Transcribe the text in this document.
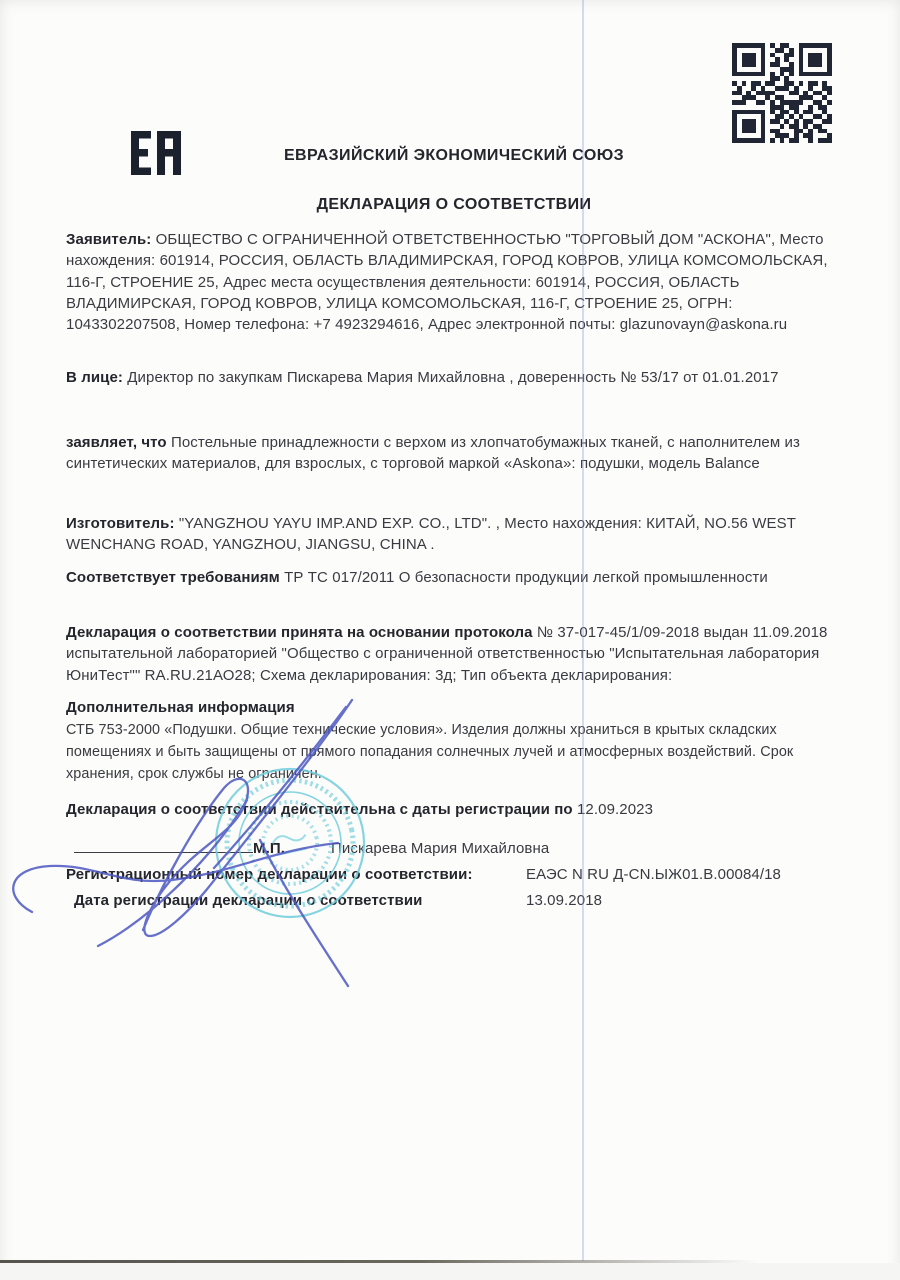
ЕВРАЗИЙСКИЙ ЭКОНОМИЧЕСКИЙ СОЮЗ
ДЕКЛАРАЦИЯ О СООТВЕТСТВИИ
Заявитель: ОБЩЕСТВО С ОГРАНИЧЕННОЙ ОТВЕТСТВЕННОСТЬЮ "ТОРГОВЫЙ ДОМ "АСКОНА", Место нахождения: 601914, РОССИЯ, ОБЛАСТЬ ВЛАДИМИРСКАЯ, ГОРОД КОВРОВ, УЛИЦА КОМСОМОЛЬСКАЯ, 116-Г, СТРОЕНИЕ 25, Адрес места осуществления деятельности: 601914, РОССИЯ, ОБЛАСТЬ ВЛАДИМИРСКАЯ, ГОРОД КОВРОВ, УЛИЦА КОМСОМОЛЬСКАЯ, 116-Г, СТРОЕНИЕ 25, ОГРН: 1043302207508, Номер телефона: +7 4923294616, Адрес электронной почты: glazunovayn@askona.ru
В лице: Директор по закупкам Пискарева Мария Михайловна , доверенность № 53/17 от 01.01.2017
заявляет, что Постельные принадлежности с верхом из хлопчатобумажных тканей, с наполнителем из синтетических материалов, для взрослых, с торговой маркой «Askona»: подушки, модель Balance
Изготовитель: "YANGZHOU YAYU IMP.AND EXP. CO., LTD". , Место нахождения: КИТАЙ, NO.56 WEST WENCHANG ROAD, YANGZHOU, JIANGSU, CHINA .
Соответствует требованиям ТР ТС 017/2011 О безопасности продукции легкой промышленности
Декларация о соответствии принята на основании протокола № 37-017-45/1/09-2018 выдан 11.09.2018 испытательной лабораторией "Общество с ограниченной ответственностью "Испытательная лаборатория ЮниТест"" RA.RU.21АО28; Схема декларирования: 3д; Тип объекта декларирования:
Дополнительная информация
СТБ 753-2000 «Подушки. Общие технические условия». Изделия должны храниться в крытых складских помещениях и быть защищены от прямого попадания солнечных лучей и атмосферных воздействий. Срок хранения, срок службы не ограничен.
Декларация о соответствии действительна с даты регистрации по 12.09.2023
М.П.	Пискарева Мария Михайловна
Регистрационный номер декларации о соответствии:	ЕАЭС N RU Д-CN.ЫЖ01.В.00084/18
Дата регистрации декларации о соответствии	13.09.2018
